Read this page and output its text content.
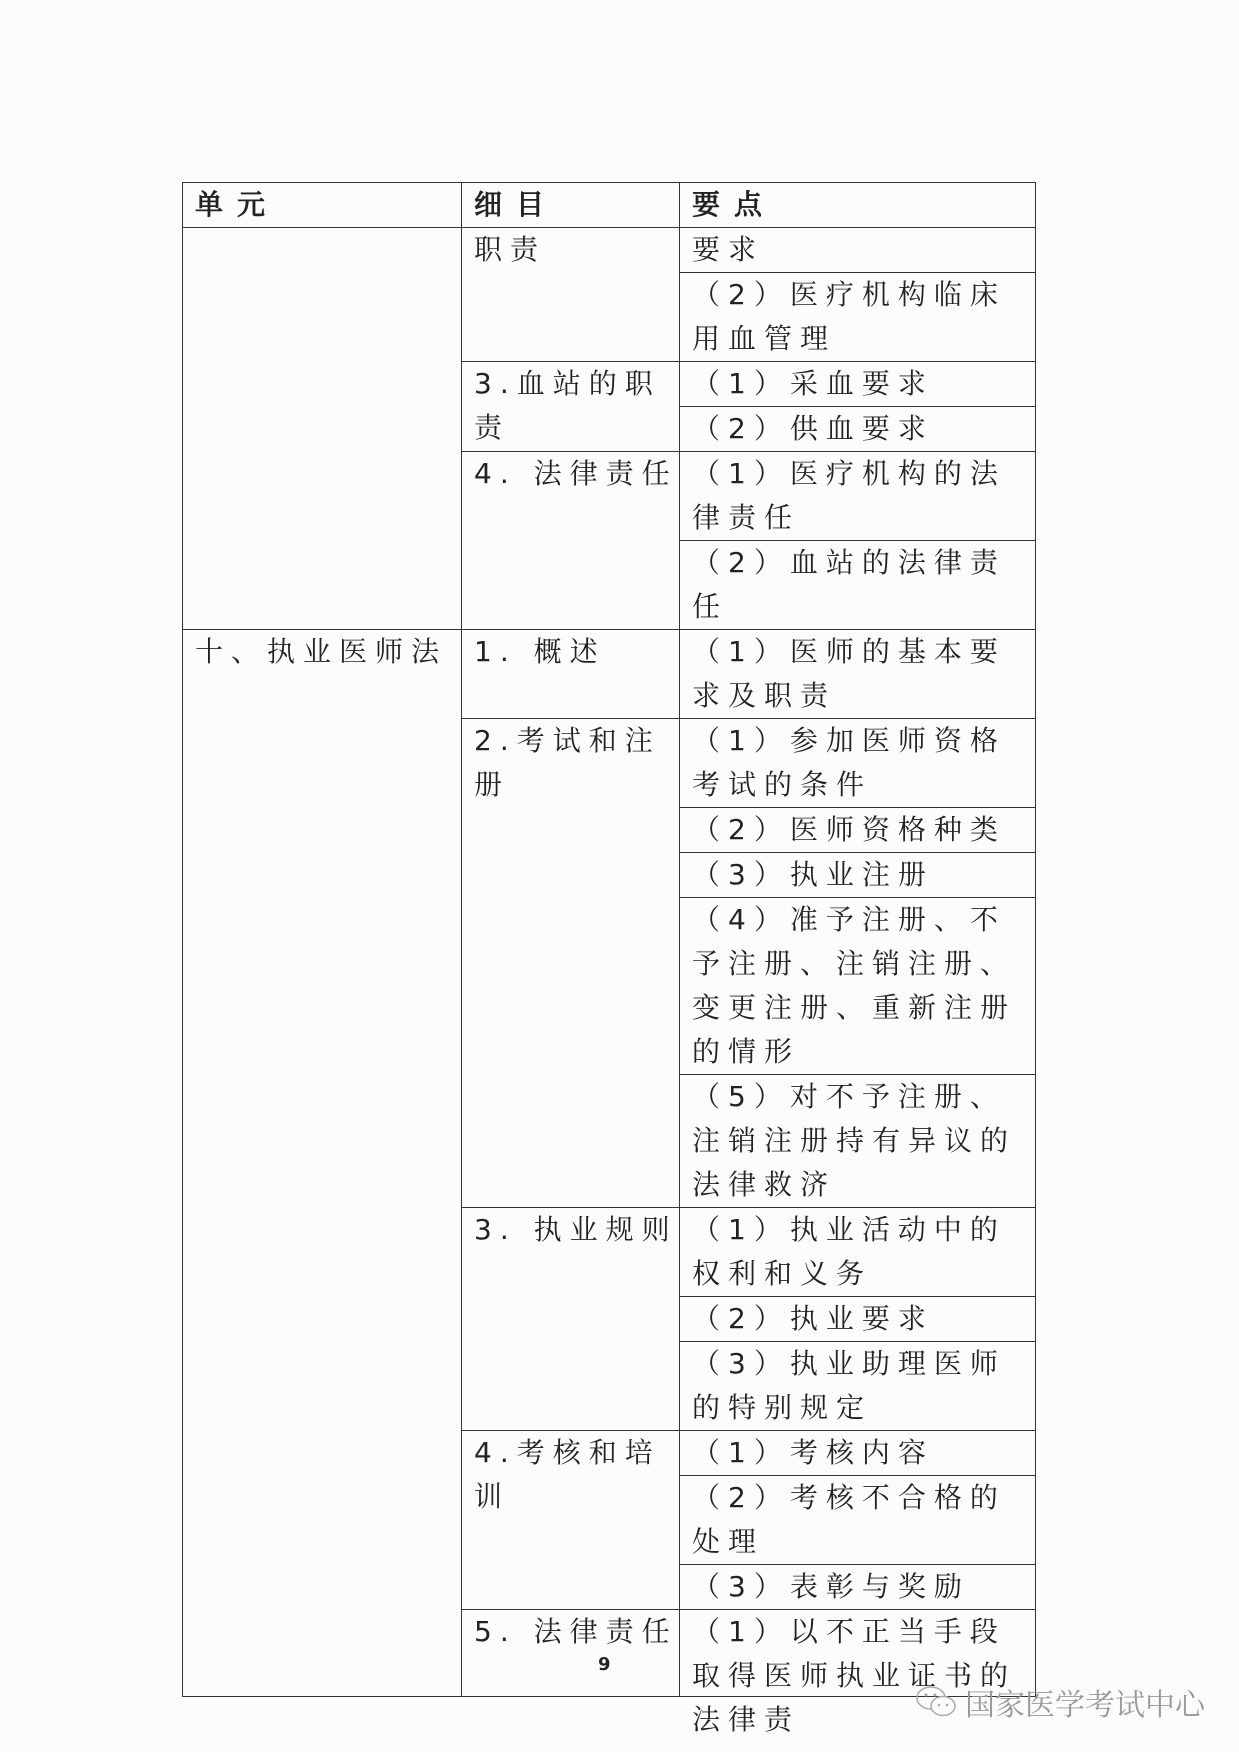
单元	细目	要点
	职责	要求
		（2）医疗机构临床用血管理
	3.血站的职责	（1）采血要求
		（2）供血要求
	4. 法律责任	（1）医疗机构的法律责任
		（2）血站的法律责任
十、执业医师法	1. 概述	（1）医师的基本要求及职责
	2.考试和注册	（1）参加医师资格考试的条件
		（2）医师资格种类
		（3）执业注册
		（4）准予注册、不予注册、注销注册、变更注册、重新注册的情形
		（5）对不予注册、注销注册持有异议的法律救济
	3. 执业规则	（1）执业活动中的权利和义务
		（2）执业要求
		（3）执业助理医师的特别规定
	4.考核和培训	（1）考核内容
		（2）考核不合格的处理
		（3）表彰与奖励
	5. 法律责任	（1）以不正当手段取得医师执业证书的法律责
9
国家医学考试中心
